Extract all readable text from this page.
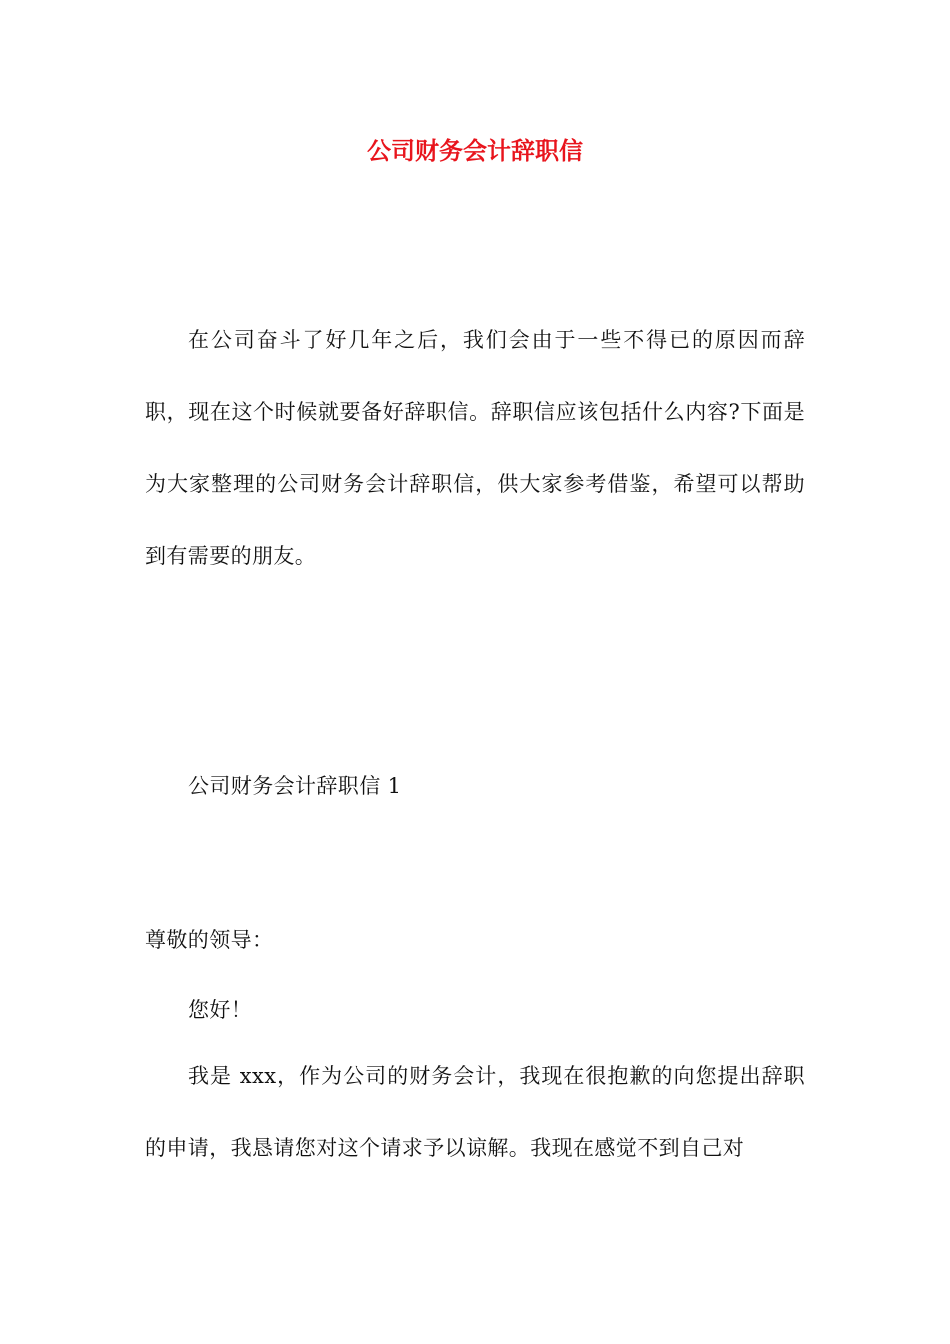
公司财务会计辞职信

在公司奋斗了好几年之后，我们会由于一些不得已的原因而辞职，现在这个时候就要备好辞职信。辞职信应该包括什么内容?下面是为大家整理的公司财务会计辞职信，供大家参考借鉴，希望可以帮助到有需要的朋友。

公司财务会计辞职信 1

尊敬的领导：

您好！

我是 xxx，作为公司的财务会计，我现在很抱歉的向您提出辞职的申请，我恳请您对这个请求予以谅解。我现在感觉不到自己对
